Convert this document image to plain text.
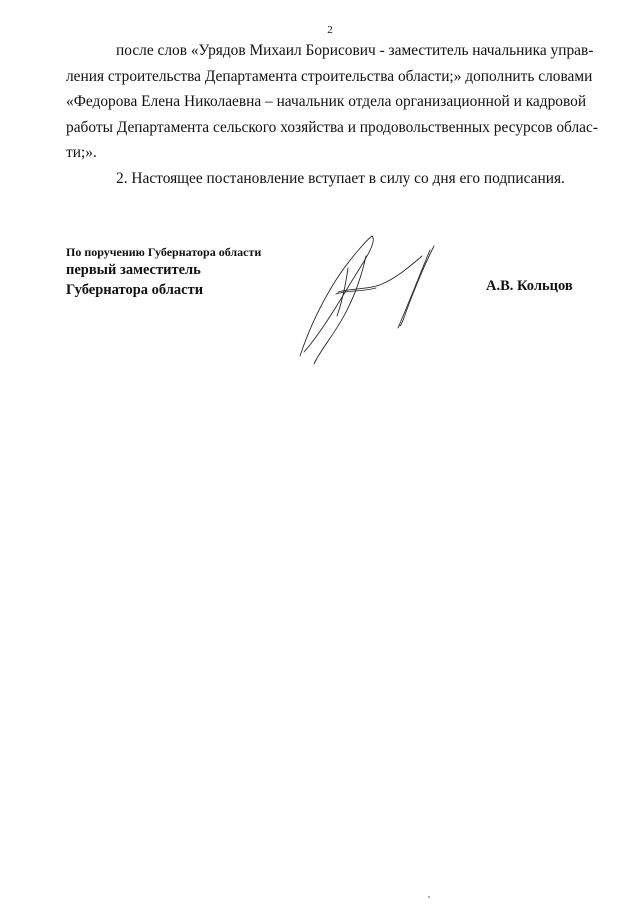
2

после слов «Урядов Михаил Борисович - заместитель начальника управ-
ления строительства Департамента строительства области;» дополнить словами
«Федорова Елена Николаевна – начальник отдела организационной и кадровой
работы Департамента сельского хозяйства и продовольственных ресурсов облас-
ти;».

2. Настоящее постановление вступает в силу со дня его подписания.

По поручению Губернатора области
первый заместитель
Губернатора области	А.В. Кольцов
